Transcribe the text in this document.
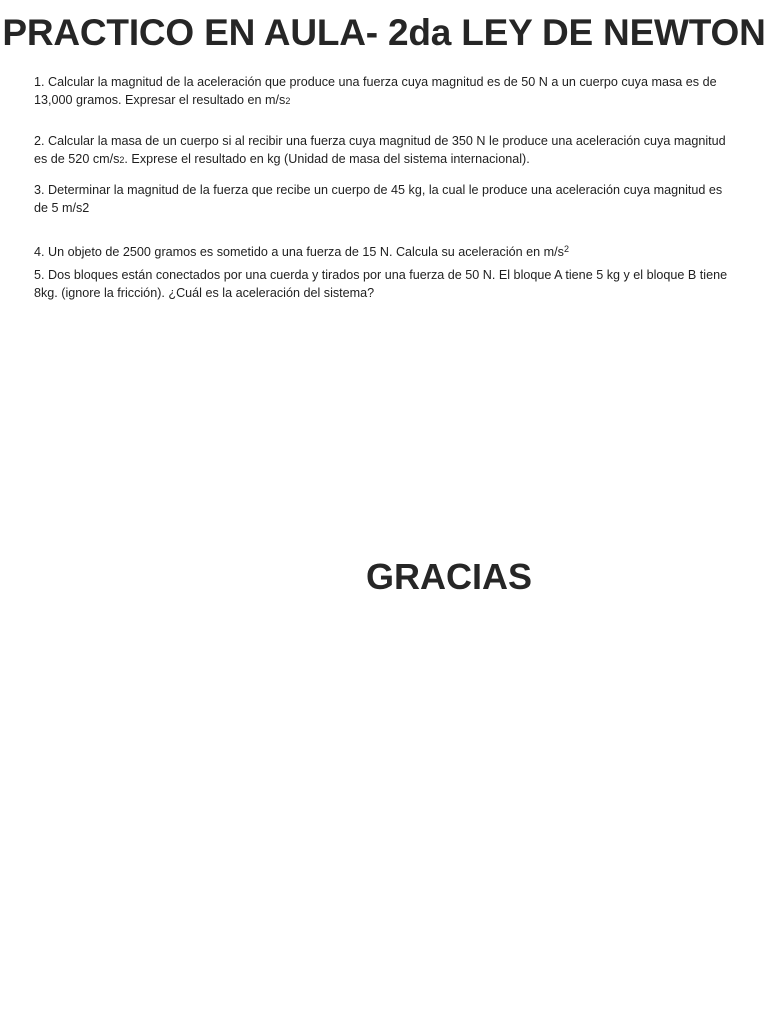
PRACTICO EN AULA- 2da LEY DE NEWTON
1. Calcular la magnitud de la aceleración que produce una fuerza cuya magnitud es de 50 N a un cuerpo cuya masa es de 13,000 gramos. Expresar el resultado en m/s2
2. Calcular la masa de un cuerpo si al recibir una fuerza cuya magnitud de 350 N le produce una aceleración cuya magnitud es de 520 cm/s2. Exprese el resultado en kg (Unidad de masa del sistema internacional).
3. Determinar la magnitud de la fuerza que recibe un cuerpo de 45 kg, la cual le produce una aceleración cuya magnitud es de 5 m/s2
4. Un objeto de 2500 gramos es sometido a una fuerza de 15 N. Calcula su aceleración en $m/s^2$
5. Dos bloques están conectados por una cuerda y tirados por una fuerza de 50 N. El bloque A tiene 5 kg y el bloque B tiene 8kg. (ignore la fricción). ¿Cuál es la aceleración del sistema?
GRACIAS
